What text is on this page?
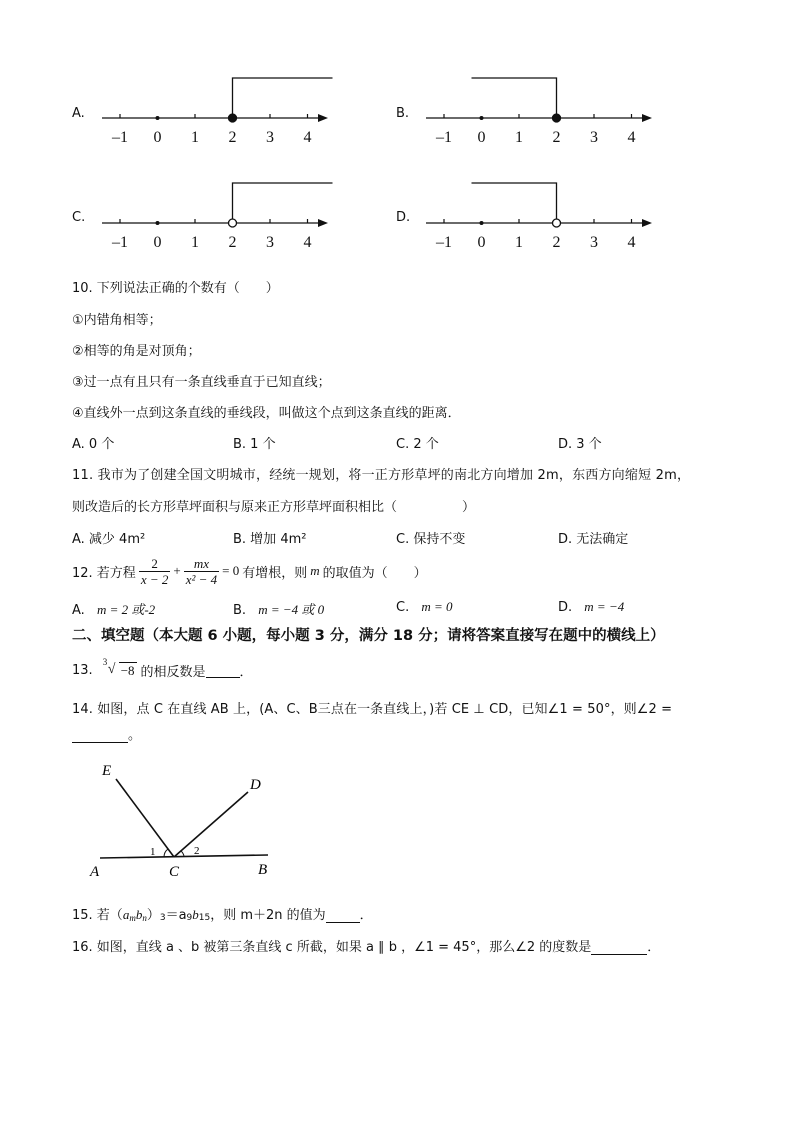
A.
–1 0 1 2 3 4
B.
–1 0 1 2 3 4
C.
–1 0 1 2 3 4
D.
–1 0 1 2 3 4
10. 下列说法正确的个数有（　　）
①内错角相等；
②相等的角是对顶角；
③过一点有且只有一条直线垂直于已知直线；
④直线外一点到这条直线的垂线段，叫做这个点到这条直线的距离．
A. 0 个	B. 1 个	C. 2 个	D. 3 个
11. 我市为了创建全国文明城市，经统一规划，将一正方形草坪的南北方向增加 2m，东西方向缩短 2m，
则改造后的长方形草坪面积与原来正方形草坪面积相比（　　　　　）
A. 减少 4m²	B. 增加 4m²	C. 保持不变	D. 无法确定
12. 若方程 $\frac{2}{x - 2} + \frac{mx}{\text{x² − 4}} = 0$ 有增根，则 m 的取值为（　　）
A. m = 2 或-2	B. m = −4 或 0	C. m = 0	D. m = −4
二、填空题（本大题 6 小题，每小题 3 分，满分 18 分；请将答案直接写在题中的横线上）
13.
3 √ −8 的相反数是	．
14. 如图，点 C 在直线 AB 上，(A、C、B三点在一条直线上，)若 CE ⊥ CD，已知∠1 = 50°，则∠2 =
。
E
D
A	C	B
1	2
15. 若（ $a_m$ $b_n$ ）$_3 =a_9$ $b_{15}$ ，则 m＋2n 的值为	．
16. 如图，直线 a 、b 被第三条直线 c 所截，如果 a ∥ b ，∠1 = 45°，那么∠2 的度数是	．
